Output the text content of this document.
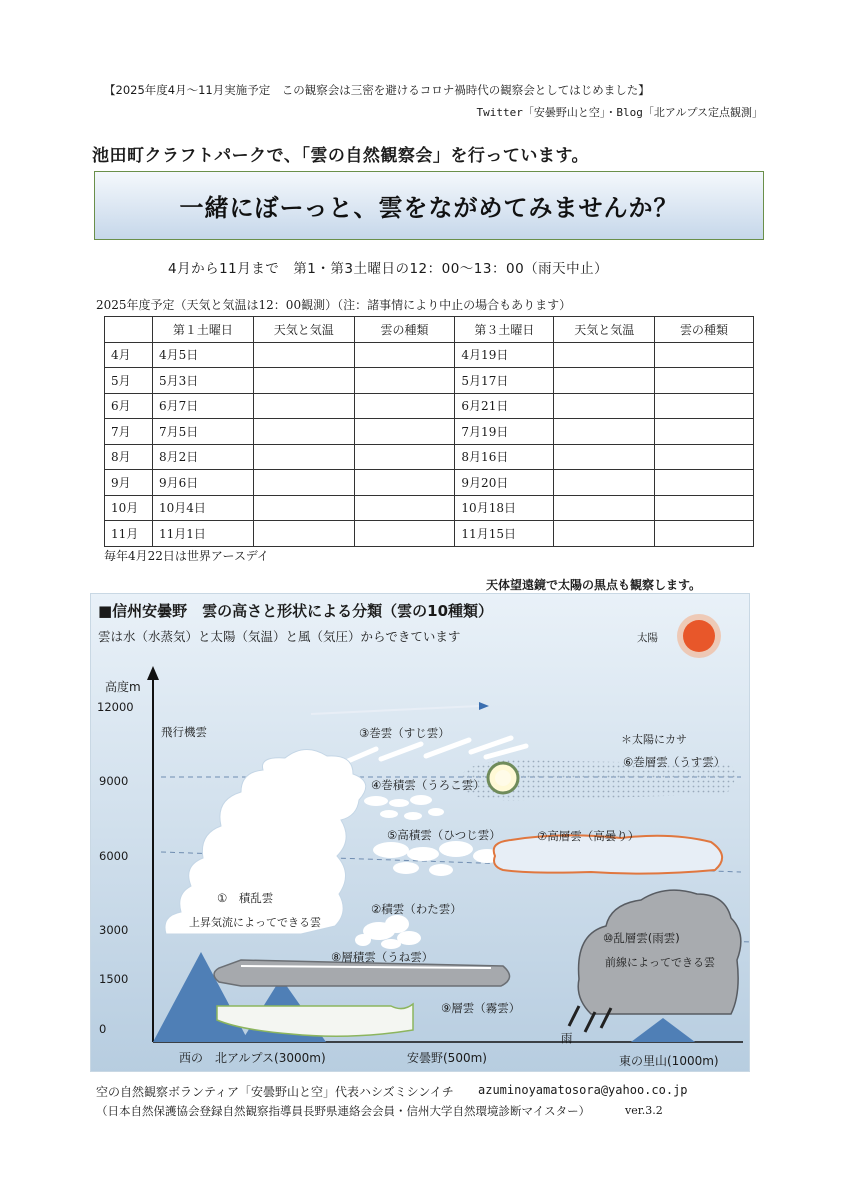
【2025年度4月～11月実施予定　この観察会は三密を避けるコロナ禍時代の観察会としてはじめました】
Twitter「安曇野山と空」・Blog「北アルプス定点観測」
池田町クラフトパークで、「雲の自然観察会」を行っています。
一緒にぼーっと、雲をながめてみませんか？
4月から11月まで　第1・第3土曜日の12：00～13：00（雨天中止）
2025年度予定（天気と気温は12：00観測）（注：諸事情により中止の場合もあります）
	第１土曜日	天気と気温	雲の種類	第３土曜日	天気と気温	雲の種類
4月	4月5日			4月19日		
5月	5月3日			5月17日		
6月	6月7日			6月21日		
7月	7月5日			7月19日		
8月	8月2日			8月16日		
9月	9月6日			9月20日		
10月	10月4日			10月18日		
11月	11月1日			11月15日		
毎年4月22日は世界アースデイ
天体望遠鏡で太陽の黒点も観察します。
高度m
12000
9000
6000
3000
1500
0
太陽
飛行機雲	③巻雲（すじ雲）	＊太陽にカサ
④巻積雲（うろこ雲）
⑥巻層雲（うす雲）
⑤高積雲（ひつじ雲）	⑦高層雲（高曇り）
①　積乱雲
上昇気流によってできる雲
②積雲（わた雲）
⑧層積雲（うね雲）
⑩乱層雲(雨雲)
前線によってできる雲
⑨層雲（霧雲）
雨
西の　北アルプス(3000m)	安曇野(500m)	東の里山(1000m)
■信州安曇野　雲の高さと形状による分類（雲の10種類）
雲は水（水蒸気）と太陽（気温）と風（気圧）からできています
空の自然観察ボランティア「安曇野山と空」代表ハシズミシンイチ azuminoyamatosora@yahoo.co.jp
（日本自然保護協会登録自然観察指導員長野県連絡会会員・信州大学自然環境診断マイスター）	ver.3.2
